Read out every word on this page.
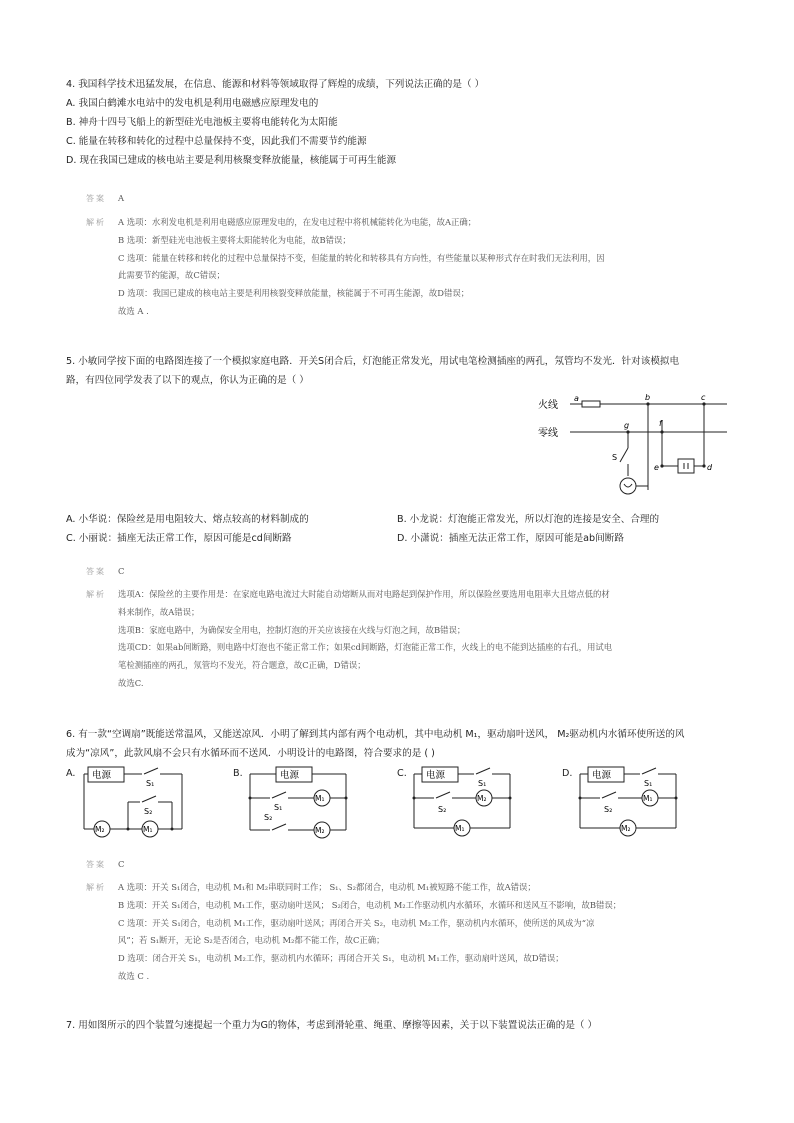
4. 我国科学技术迅猛发展，在信息、能源和材料等领域取得了辉煌的成绩，下列说法正确的是（ ）

A. 我国白鹤滩水电站中的发电机是利用电磁感应原理发电的

B. 神舟十四号飞船上的新型硅光电池板主要将电能转化为太阳能

C. 能量在转移和转化的过程中总量保持不变，因此我们不需要节约能源

D. 现在我国已建成的核电站主要是利用核聚变释放能量，核能属于可再生能源

答案 A
解析 A 选项：水利发电机是利用电磁感应原理发电的，在发电过程中将机械能转化为电能，故A正确；

B 选项：新型硅光电池板主要将太阳能转化为电能，故B错误；

C 选项：能量在转移和转化的过程中总量保持不变，但能量的转化和转移具有方向性，有些能量以某种形式存在时我们无法利用，因

此需要节约能源，故C错误；

D 选项：我国已建成的核电站主要是利用核裂变释放能量，核能属于不可再生能源，故D错误；

故选 A .

5. 小敏同学按下面的电路图连接了一个模拟家庭电路．开关S闭合后，灯泡能正常发光，用试电笔检测插座的两孔，氖管均不发光．针对该模拟电

路，有四位同学发表了以下的观点，你认为正确的是（ ）

火线
零线
a	b	c
g	f
e	d
S
A. 小华说：保险丝是用电阻较大、熔点较高的材料制成的	B. 小龙说：灯泡能正常发光，所以灯泡的连接是安全、合理的
C. 小丽说：插座无法正常工作，原因可能是cd间断路	D. 小潇说：插座无法正常工作，原因可能是ab间断路
答案 C
解析 选项A：保险丝的主要作用是：在家庭电路电流过大时能自动熔断从而对电路起到保护作用，所以保险丝要选用电阻率大且熔点低的材

料来制作，故A错误；

选项B：家庭电路中，为确保安全用电，控制灯泡的开关应该接在火线与灯泡之间，故B错误；

选项CD：如果ab间断路，则电路中灯泡也不能正常工作；如果cd间断路，灯泡能正常工作，火线上的电不能到达插座的右孔，用试电

笔检测插座的两孔，氖管均不发光，符合题意，故C正确，D错误；

故选C.

6. 有一款“空调扇”既能送常温风，又能送凉风．小明了解到其内部有两个电动机，其中电动机 M₁，驱动扇叶送风， M₂驱动机内水循环使所送的风

成为“凉风”，此款风扇不会只有水循环而不送风．小明设计的电路图，符合要求的是 ( )

A. 电源
S₁
S₂
M₂	M₁
B.	电源
S₁
S₂
M₁
M₂
C. 电源
S₁
S₂
M₂
M₁
D. 电源
S₁
S₂
M₁
M₂
答案 C
解析 A 选项：开关 S₁闭合，电动机 M₁和 M₂串联同时工作； S₁、S₂都闭合，电动机 M₁被短路不能工作，故A错误；

B 选项：开关 S₁闭合，电动机 M₁工作，驱动扇叶送风； S₂闭合，电动机 M₂工作驱动机内水循环，水循环和送风互不影响，故B错误；

C 选项：开关 S₁闭合，电动机 M₁工作，驱动扇叶送风；再闭合开关 S₂，电动机 M₂工作，驱动机内水循环，使所送的风成为“凉

风”；若 S₁断开，无论 S₂是否闭合，电动机 M₂都不能工作，故C正确；

D 选项：闭合开关 S₁，电动机 M₂工作，驱动机内水循环；再闭合开关 S₁，电动机 M₁工作，驱动扇叶送风，故D错误；

故选 C .

7. 用如图所示的四个装置匀速提起一个重力为G的物体，考虑到滑轮重、绳重、摩擦等因素，关于以下装置说法正确的是（ ）
